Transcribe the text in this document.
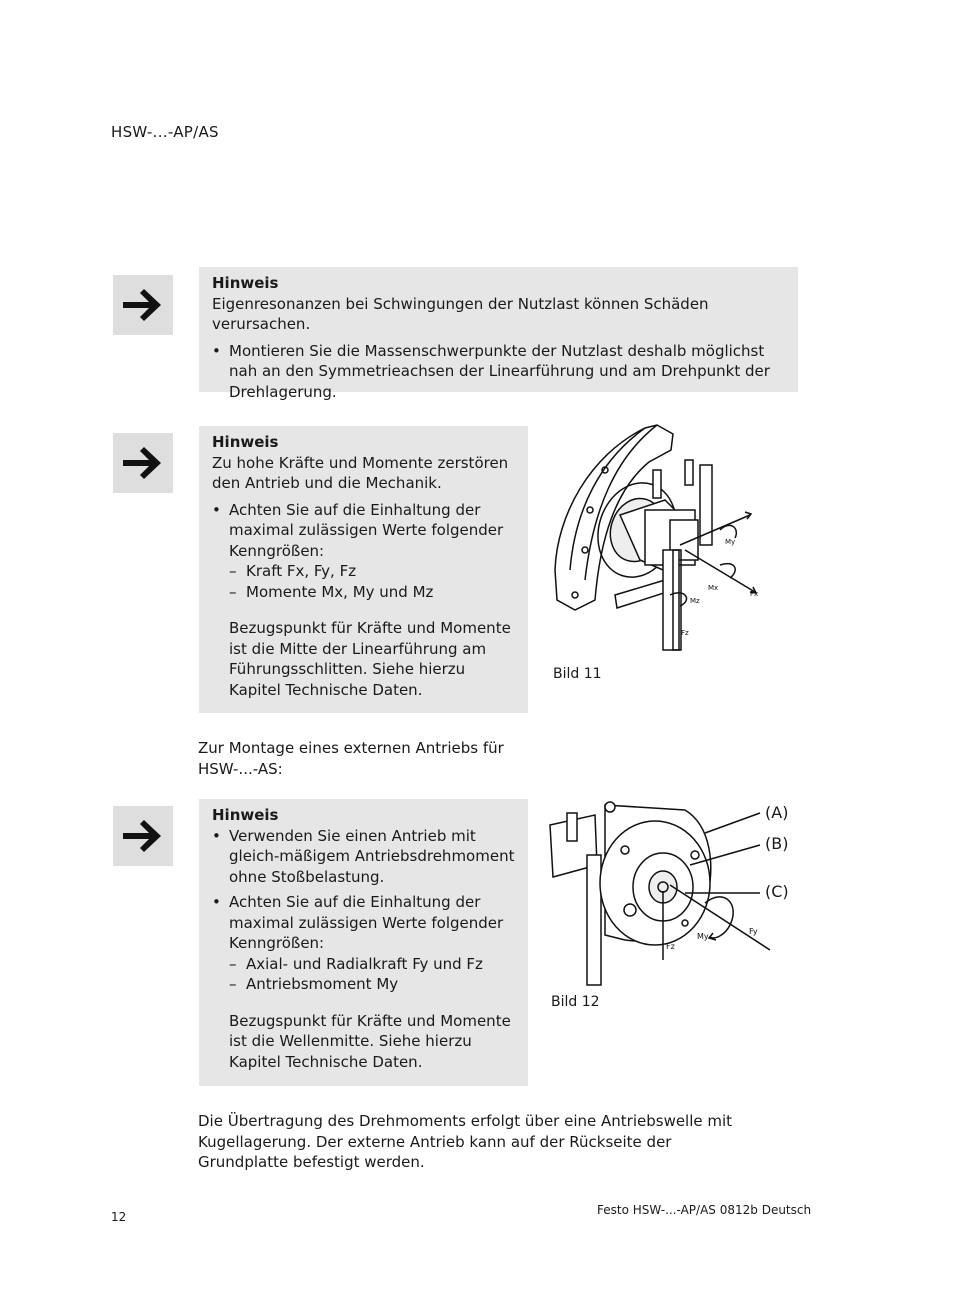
HSW-...-AP/AS
Hinweis

Eigenresonanzen bei Schwingungen der Nutzlast können Schäden verursachen.

• Montieren Sie die Massenschwerpunkte der Nutzlast deshalb möglichst nah an den Symmetrieachsen der Linearführung und am Drehpunkt der Drehlagerung.
Hinweis

Zu hohe Kräfte und Momente zerstören den Antrieb und die Mechanik.

• Achten Sie auf die Einhaltung der maximal zulässigen Werte folgender Kenngrößen:
– Kraft Fx, Fy, Fz
– Momente Mx, My und Mz
Bezugspunkt für Kräfte und Momente ist die Mitte der Linearführung am Führungsschlitten. Siehe hierzu Kapitel Technische Daten.
My
Mx
Fx
Mz
Fz
Bild 11
Zur Montage eines externen Antriebs für HSW-...-AS:
Hinweis
• Verwenden Sie einen Antrieb mit gleich-mäßigem Antriebsdrehmoment ohne Stoßbelastung.
• Achten Sie auf die Einhaltung der maximal zulässigen Werte folgender Kenngrößen:
– Axial- und Radialkraft Fy und Fz
– Antriebsmoment My
Bezugspunkt für Kräfte und Momente ist die Wellenmitte. Siehe hierzu Kapitel Technische Daten.
Fz
My
Fy
(A)
(B)
(C)
Bild 12
Die Übertragung des Drehmoments erfolgt über eine Antriebswelle mit Kugellagerung. Der externe Antrieb kann auf der Rückseite der Grundplatte befestigt werden.
12	Festo HSW-...-AP/AS 0812b Deutsch
